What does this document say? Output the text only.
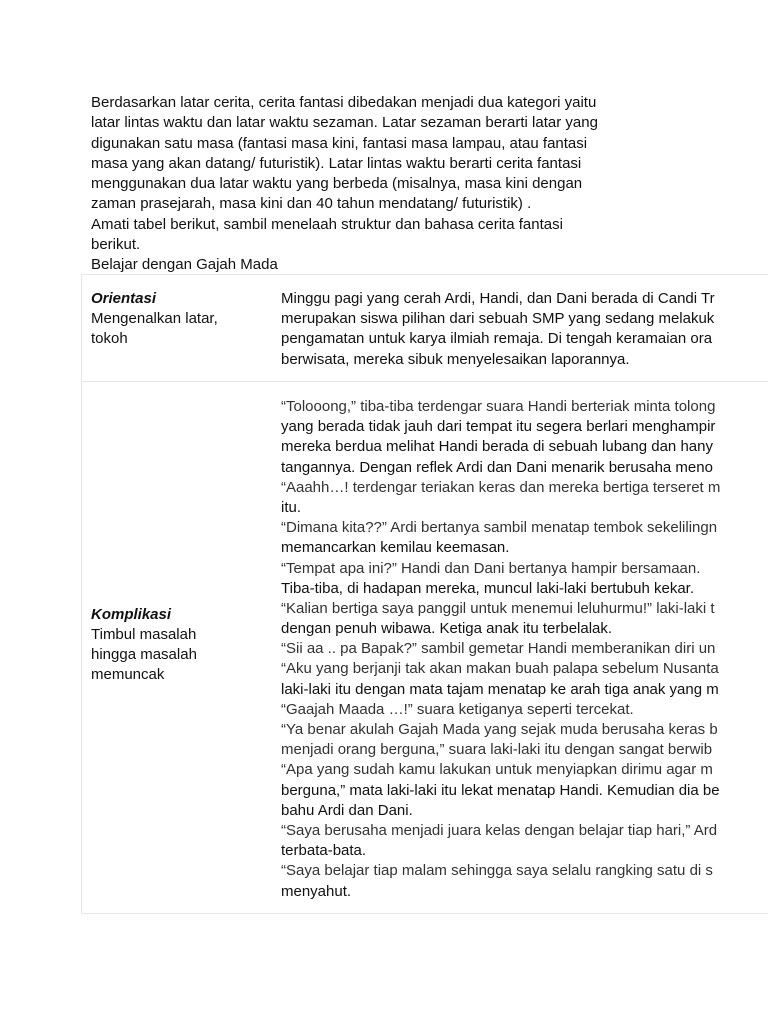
Berdasarkan latar cerita, cerita fantasi dibedakan menjadi dua kategori yaitu

latar lintas waktu dan latar waktu sezaman. Latar sezaman berarti latar yang

digunakan satu masa (fantasi masa kini, fantasi masa lampau, atau fantasi

masa yang akan datang/ futuristik). Latar lintas waktu berarti cerita fantasi

menggunakan dua latar waktu yang berbeda (misalnya, masa kini dengan

zaman prasejarah, masa kini dan 40 tahun mendatang/ futuristik) .

Amati tabel berikut, sambil menelaah struktur dan bahasa cerita fantasi

berikut.

Belajar dengan Gajah Mada

Orientasi
Mengenalkan latar, tokoh
Minggu pagi yang cerah Ardi, Handi, dan Dani berada di Candi Tr
merupakan siswa pilihan dari sebuah SMP yang sedang melakuk
pengamatan untuk karya ilmiah remaja. Di tengah keramaian ora
berwisata, mereka sibuk menyelesaikan laporannya.
Komplikasi
Timbul masalah hingga masalah memuncak
“Tolooong,” tiba-tiba terdengar suara Handi berteriak minta tolong
yang berada tidak jauh dari tempat itu segera berlari menghampir
mereka berdua melihat Handi berada di sebuah lubang dan hany
tangannya. Dengan reflek Ardi dan Dani menarik berusaha meno
“Aaahh…! terdengar teriakan keras dan mereka bertiga terseret m
itu.
“Dimana kita??” Ardi bertanya sambil menatap tembok sekelilingn
memancarkan kemilau keemasan.
“Tempat apa ini?” Handi dan Dani bertanya hampir bersamaan.
Tiba-tiba, di hadapan mereka, muncul laki-laki bertubuh kekar.
“Kalian bertiga saya panggil untuk menemui leluhurmu!” laki-laki t
dengan penuh wibawa. Ketiga anak itu terbelalak.
“Sii aa .. pa Bapak?” sambil gemetar Handi memberanikan diri un
“Aku yang berjanji tak akan makan buah palapa sebelum Nusanta
laki-laki itu dengan mata tajam menatap ke arah tiga anak yang m
“Gaajah Maada …!” suara ketiganya seperti tercekat.
“Ya benar akulah Gajah Mada yang sejak muda berusaha keras b
menjadi orang berguna,” suara laki-laki itu dengan sangat berwib
“Apa yang sudah kamu lakukan untuk menyiapkan dirimu agar m
berguna,” mata laki-laki itu lekat menatap Handi. Kemudian dia be
bahu Ardi dan Dani.
“Saya berusaha menjadi juara kelas dengan belajar tiap hari,” Ard
terbata-bata.
“Saya belajar tiap malam sehingga saya selalu rangking satu di s
menyahut.
